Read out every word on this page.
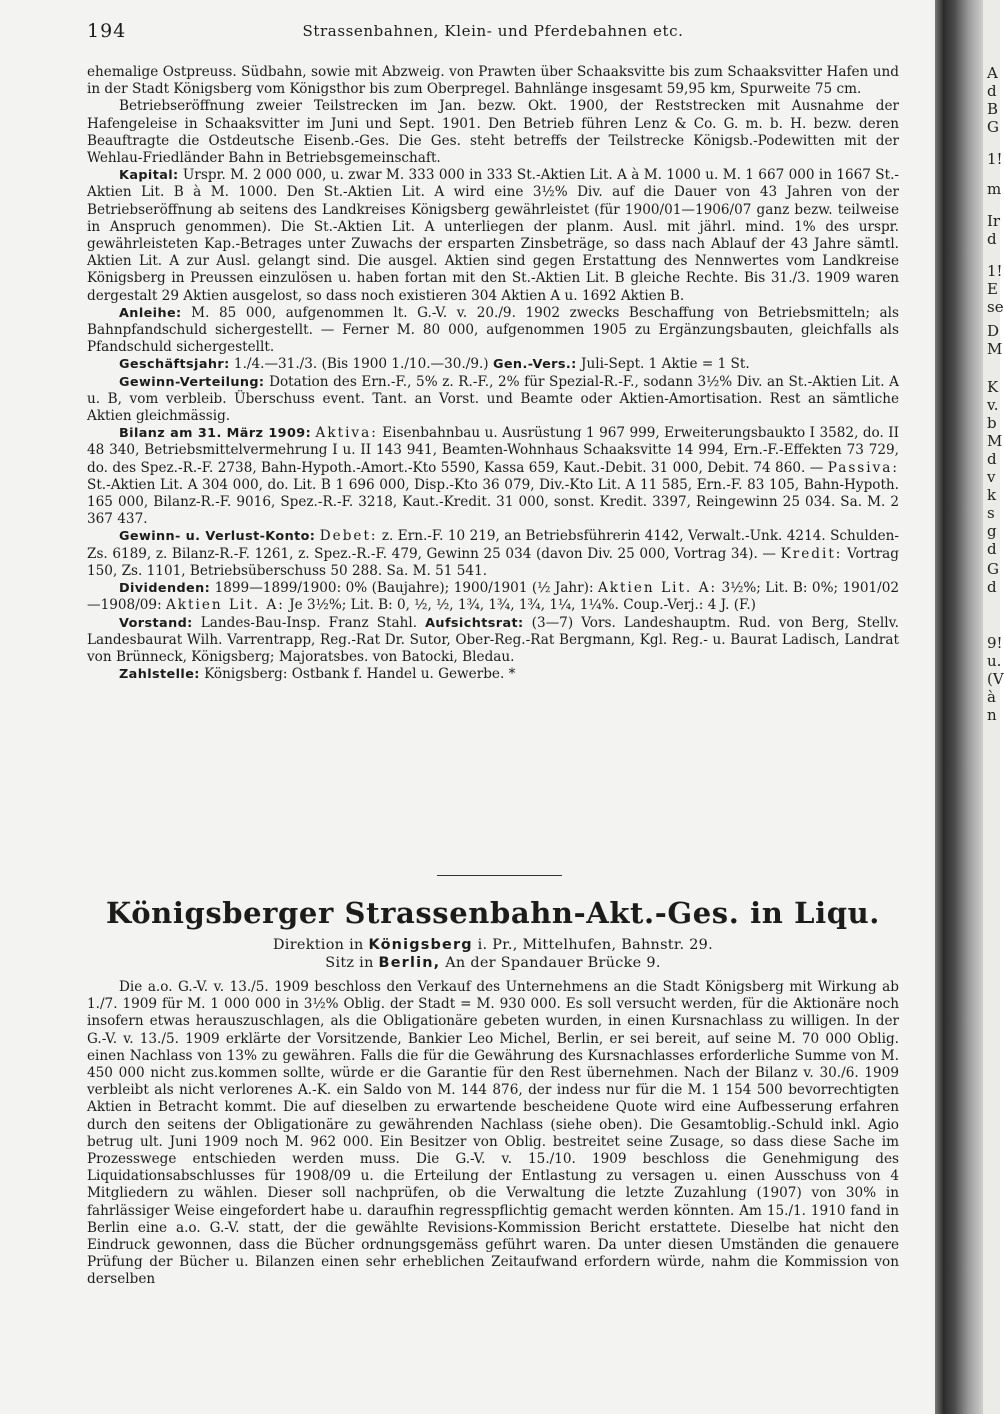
194	Strassenbahnen, Klein- und Pferdebahnen etc.

ehemalige Ostpreuss. Südbahn, sowie mit Abzweig. von Prawten über Schaaksvitte bis zum Schaaksvitter Hafen und in der Stadt Königsberg vom Königsthor bis zum Oberpregel. Bahnlänge insgesamt 59,95 km, Spurweite 75 cm.

Betriebseröffnung zweier Teilstrecken im Jan. bezw. Okt. 1900, der Reststrecken mit Ausnahme der Hafengeleise in Schaaksvitter im Juni und Sept. 1901. Den Betrieb führen Lenz & Co. G. m. b. H. bezw. deren Beauftragte die Ostdeutsche Eisenb.-Ges. Die Ges. steht betreffs der Teilstrecke Königsb.-Podewitten mit der Wehlau-Friedländer Bahn in Betriebsgemeinschaft.

Kapital: Urspr. M. 2 000 000, u. zwar M. 333 000 in 333 St.-Aktien Lit. A à M. 1000 u. M. 1 667 000 in 1667 St.-Aktien Lit. B à M. 1000. Den St.-Aktien Lit. A wird eine 3½% Div. auf die Dauer von 43 Jahren von der Betriebseröffnung ab seitens des Landkreises Königsberg gewährleistet (für 1900/01—1906/07 ganz bezw. teilweise in Anspruch genommen). Die St.-Aktien Lit. A unterliegen der planm. Ausl. mit jährl. mind. 1% des urspr. gewährleisteten Kap.-Betrages unter Zuwachs der ersparten Zinsbeträge, so dass nach Ablauf der 43 Jahre sämtl. Aktien Lit. A zur Ausl. gelangt sind. Die ausgel. Aktien sind gegen Erstattung des Nennwertes vom Landkreise Königsberg in Preussen einzulösen u. haben fortan mit den St.-Aktien Lit. B gleiche Rechte. Bis 31./3. 1909 waren dergestalt 29 Aktien ausgelost, so dass noch existieren 304 Aktien A u. 1692 Aktien B.

Anleihe: M. 85 000, aufgenommen lt. G.-V. v. 20./9. 1902 zwecks Beschaffung von Betriebsmitteln; als Bahnpfandschuld sichergestellt. — Ferner M. 80 000, aufgenommen 1905 zu Ergänzungsbauten, gleichfalls als Pfandschuld sichergestellt.

Geschäftsjahr: 1./4.—31./3. (Bis 1900 1./10.—30./9.) Gen.-Vers.: Juli-Sept. 1 Aktie = 1 St.

Gewinn-Verteilung: Dotation des Ern.-F., 5% z. R.-F., 2% für Spezial-R.-F., sodann 3½% Div. an St.-Aktien Lit. A u. B, vom verbleib. Überschuss event. Tant. an Vorst. und Beamte oder Aktien-Amortisation. Rest an sämtliche Aktien gleichmässig.

Bilanz am 31. März 1909: Aktiva: Eisenbahnbau u. Ausrüstung 1 967 999, Erweiterungsbaukto I 3582, do. II 48 340, Betriebsmittelvermehrung I u. II 143 941, Beamten-Wohnhaus Schaaksvitte 14 994, Ern.-F.-Effekten 73 729, do. des Spez.-R.-F. 2738, Bahn-Hypoth.-Amort.-Kto 5590, Kassa 659, Kaut.-Debit. 31 000, Debit. 74 860. — Passiva: St.-Aktien Lit. A 304 000, do. Lit. B 1 696 000, Disp.-Kto 36 079, Div.-Kto Lit. A 11 585, Ern.-F. 83 105, Bahn-Hypoth. 165 000, Bilanz-R.-F. 9016, Spez.-R.-F. 3218, Kaut.-Kredit. 31 000, sonst. Kredit. 3397, Reingewinn 25 034. Sa. M. 2 367 437.

Gewinn- u. Verlust-Konto: Debet: z. Ern.-F. 10 219, an Betriebsführerin 4142, Verwalt.-Unk. 4214. Schulden-Zs. 6189, z. Bilanz-R.-F. 1261, z. Spez.-R.-F. 479, Gewinn 25 034 (davon Div. 25 000, Vortrag 34). — Kredit: Vortrag 150, Zs. 1101, Betriebsüberschuss 50 288. Sa. M. 51 541.

Dividenden: 1899—1899/1900: 0% (Baujahre); 1900/1901 (½ Jahr): Aktien Lit. A: 3½%; Lit. B: 0%; 1901/02—1908/09: Aktien Lit. A: Je 3½%; Lit. B: 0, ½, ½, 1¾, 1¾, 1¾, 1¼, 1¼%. Coup.-Verj.: 4 J. (F.)

Vorstand: Landes-Bau-Insp. Franz Stahl. Aufsichtsrat: (3—7) Vors. Landeshauptm. Rud. von Berg, Stellv. Landesbaurat Wilh. Varrentrapp, Reg.-Rat Dr. Sutor, Ober-Reg.-Rat Bergmann, Kgl. Reg.- u. Baurat Ladisch, Landrat von Brünneck, Königsberg; Majoratsbes. von Batocki, Bledau.

Zahlstelle: Königsberg: Ostbank f. Handel u. Gewerbe. *

Königsberger Strassenbahn-Akt.-Ges. in Liqu.
Direktion in Königsberg i. Pr., Mittelhufen, Bahnstr. 29.
Sitz in Berlin, An der Spandauer Brücke 9.

Die a.o. G.-V. v. 13./5. 1909 beschloss den Verkauf des Unternehmens an die Stadt Königsberg mit Wirkung ab 1./7. 1909 für M. 1 000 000 in 3½% Oblig. der Stadt = M. 930 000. Es soll versucht werden, für die Aktionäre noch insofern etwas herauszuschlagen, als die Obligationäre gebeten wurden, in einen Kursnachlass zu willigen. In der G.-V. v. 13./5. 1909 erklärte der Vorsitzende, Bankier Leo Michel, Berlin, er sei bereit, auf seine M. 70 000 Oblig. einen Nachlass von 13% zu gewähren. Falls die für die Gewährung des Kursnachlasses erforderliche Summe von M. 450 000 nicht zus.kommen sollte, würde er die Garantie für den Rest übernehmen. Nach der Bilanz v. 30./6. 1909 verbleibt als nicht verlorenes A.-K. ein Saldo von M. 144 876, der indess nur für die M. 1 154 500 bevorrechtigten Aktien in Betracht kommt. Die auf dieselben zu erwartende bescheidene Quote wird eine Aufbesserung erfahren durch den seitens der Obligationäre zu gewährenden Nachlass (siehe oben). Die Gesamtoblig.-Schuld inkl. Agio betrug ult. Juni 1909 noch M. 962 000. Ein Besitzer von Oblig. bestreitet seine Zusage, so dass diese Sache im Prozesswege entschieden werden muss. Die G.-V. v. 15./10. 1909 beschloss die Genehmigung des Liquidationsabschlusses für 1908/09 u. die Erteilung der Entlastung zu versagen u. einen Ausschuss von 4 Mitgliedern zu wählen. Dieser soll nachprüfen, ob die Verwaltung die letzte Zuzahlung (1907) von 30% in fahrlässiger Weise eingefordert habe u. daraufhin regresspflichtig gemacht werden könnten. Am 15./1. 1910 fand in Berlin eine a.o. G.-V. statt, der die gewählte Revisions-Kommission Bericht erstattete. Dieselbe hat nicht den Eindruck gewonnen, dass die Bücher ordnungsgemäss geführt waren. Da unter diesen Umständen die genauere Prüfung der Bücher u. Bilanzen einen sehr erheblichen Zeitaufwand erfordern würde, nahm die Kommission von derselben

A
d
B
G
1!
m
Ir
d
1!
E
se
D
M
K
v.
b
M
d
v
k
s
g
d
G
d
9!
u.
(V
à
n
